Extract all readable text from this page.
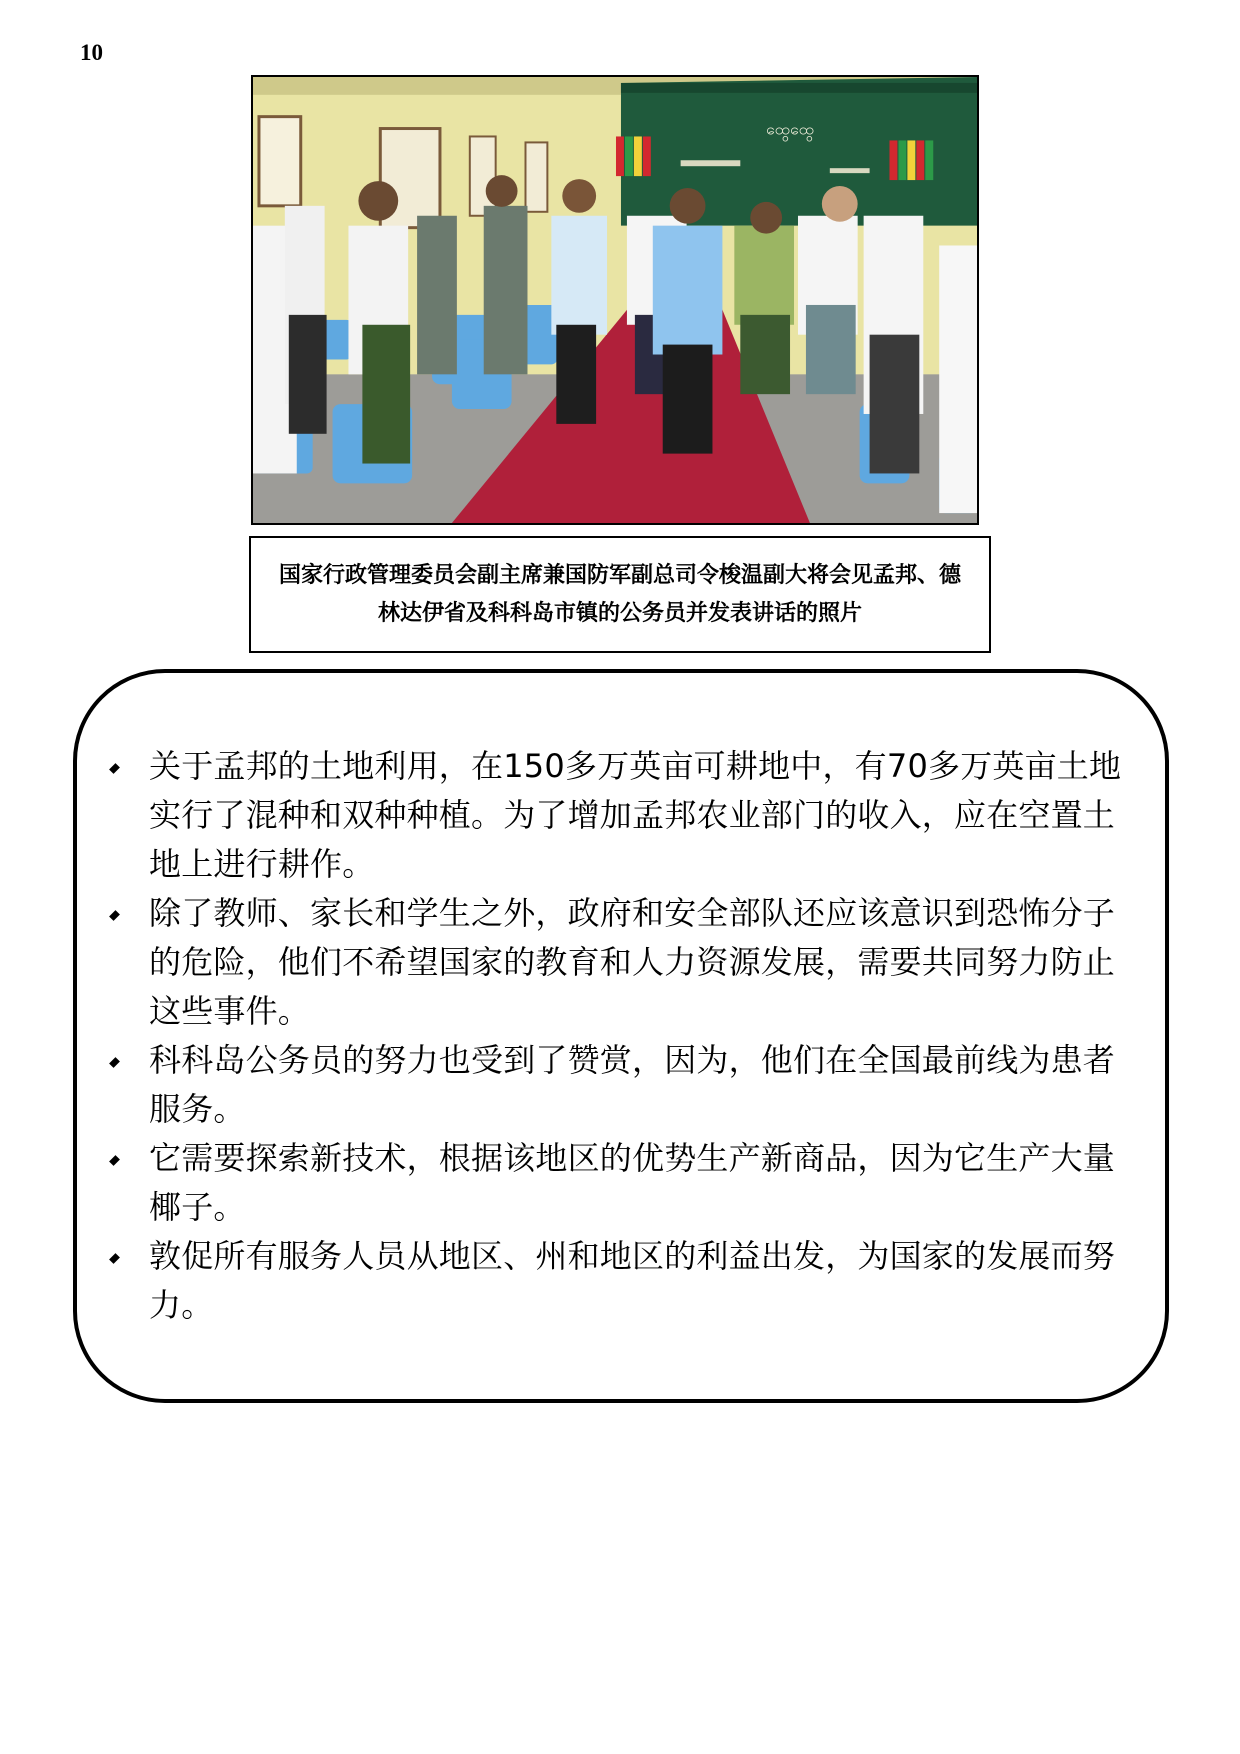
10
ထွေထွေ
国家行政管理委员会副主席兼国防军副总司令梭温副大将会见孟邦、德林达伊省及科科岛市镇的公务员并发表讲话的照片
关于孟邦的土地利用，在150多万英亩可耕地中，有70多万英亩土地实行了混种和双种种植。为了增加孟邦农业部门的收入，应在空置土地上进行耕作。
除了教师、家长和学生之外，政府和安全部队还应该意识到恐怖分子的危险，他们不希望国家的教育和人力资源发展，需要共同努力防止这些事件。
科科岛公务员的努力也受到了赞赏，因为，他们在全国最前线为患者服务。
它需要探索新技术，根据该地区的优势生产新商品，因为它生产大量椰子。
敦促所有服务人员从地区、州和地区的利益出发，为国家的发展而努力。
